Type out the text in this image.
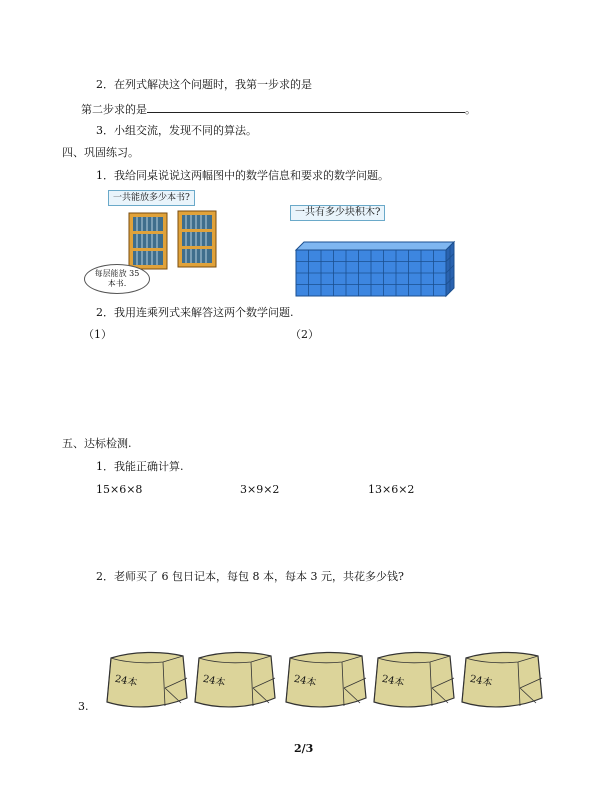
2．在列式解决这个问题时，我第一步求的是
第二步求的是	。
3．小组交流，发现不同的算法。
四、巩固练习。
1．我给同桌说说这两幅图中的数学信息和要求的数学问题。
一共能放多少本书?
每层能放 35
本书.
一共有多少块积木?
2．我用连乘列式来解答这两个数学问题.
（1）	（2）
五、达标检测.
1．我能正确计算.
15×6×8	3×9×2	13×6×2
2．老师买了 6 包日记本，每包 8 本，每本 3 元，共花多少钱?
3.
24本	24本	24本	24本	24本
2/3
